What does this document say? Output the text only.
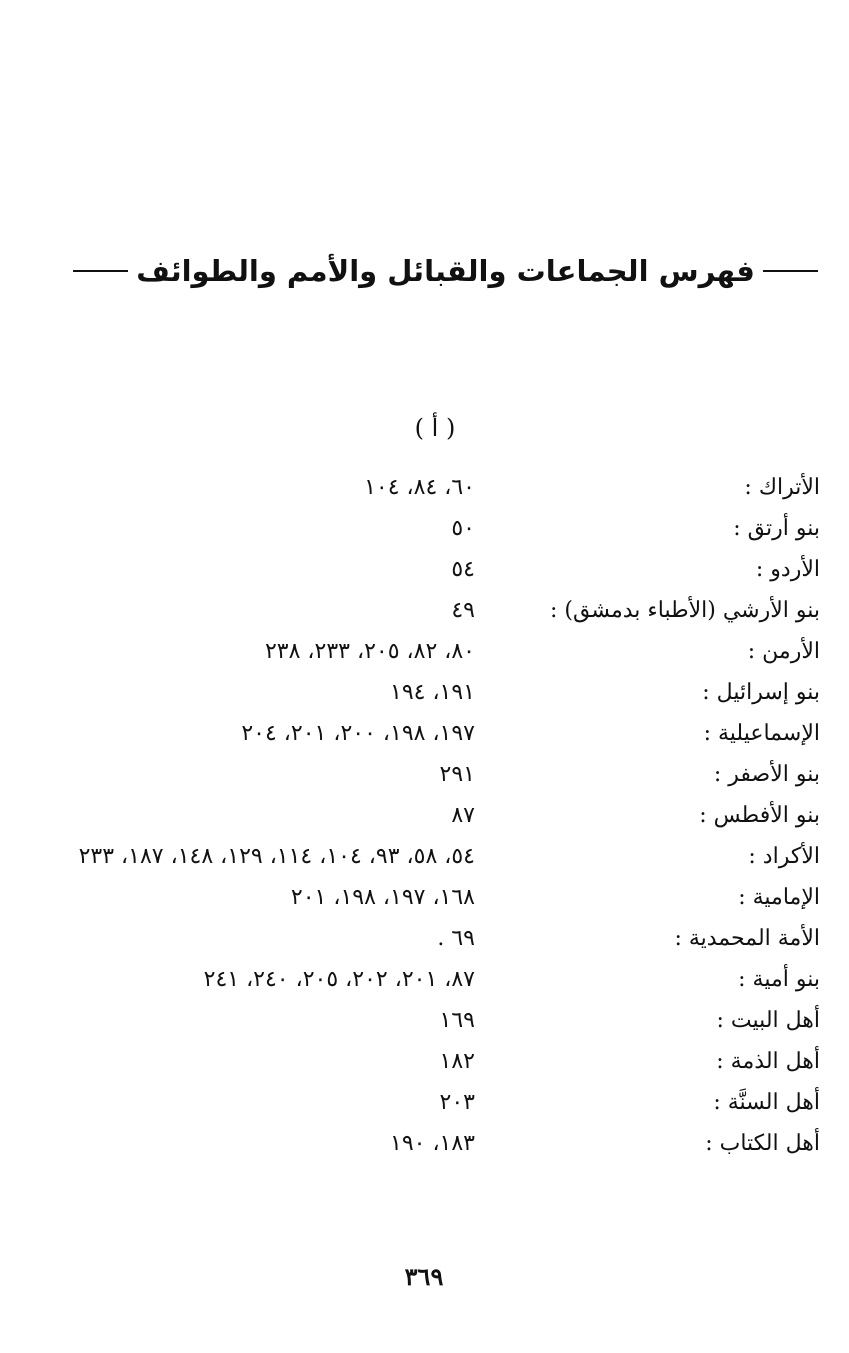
فهرس الجماعات والقبائل والأمم والطوائف
( أ )
الأتراك :
٦٠، ٨٤، ١٠٤
بنو أرتق :
٥٠
الأردو :
٥٤
بنو الأرشي (الأطباء بدمشق) :
٤٩
الأرمن :
٨٠، ٨٢، ٢٠٥، ٢٣٣، ٢٣٨
بنو إسرائيل :
١٩١، ١٩٤
الإسماعيلية :
١٩٧، ١٩٨، ٢٠٠، ٢٠١، ٢٠٤
بنو الأصفر :
٢٩١
بنو الأفطس :
٨٧
الأكراد :
٥٤، ٥٨، ٩٣، ١٠٤، ١١٤، ١٢٩، ١٤٨، ١٨٧، ٢٣٣
الإمامية :
١٦٨، ١٩٧، ١٩٨، ٢٠١
الأمة المحمدية :
٦٩ .
بنو أمية :
٨٧، ٢٠١، ٢٠٢، ٢٠٥، ٢٤٠، ٢٤١
أهل البيت :
١٦٩
أهل الذمة :
١٨٢
أهل السنَّة :
٢٠٣
أهل الكتاب :
١٨٣، ١٩٠
٣٦٩
